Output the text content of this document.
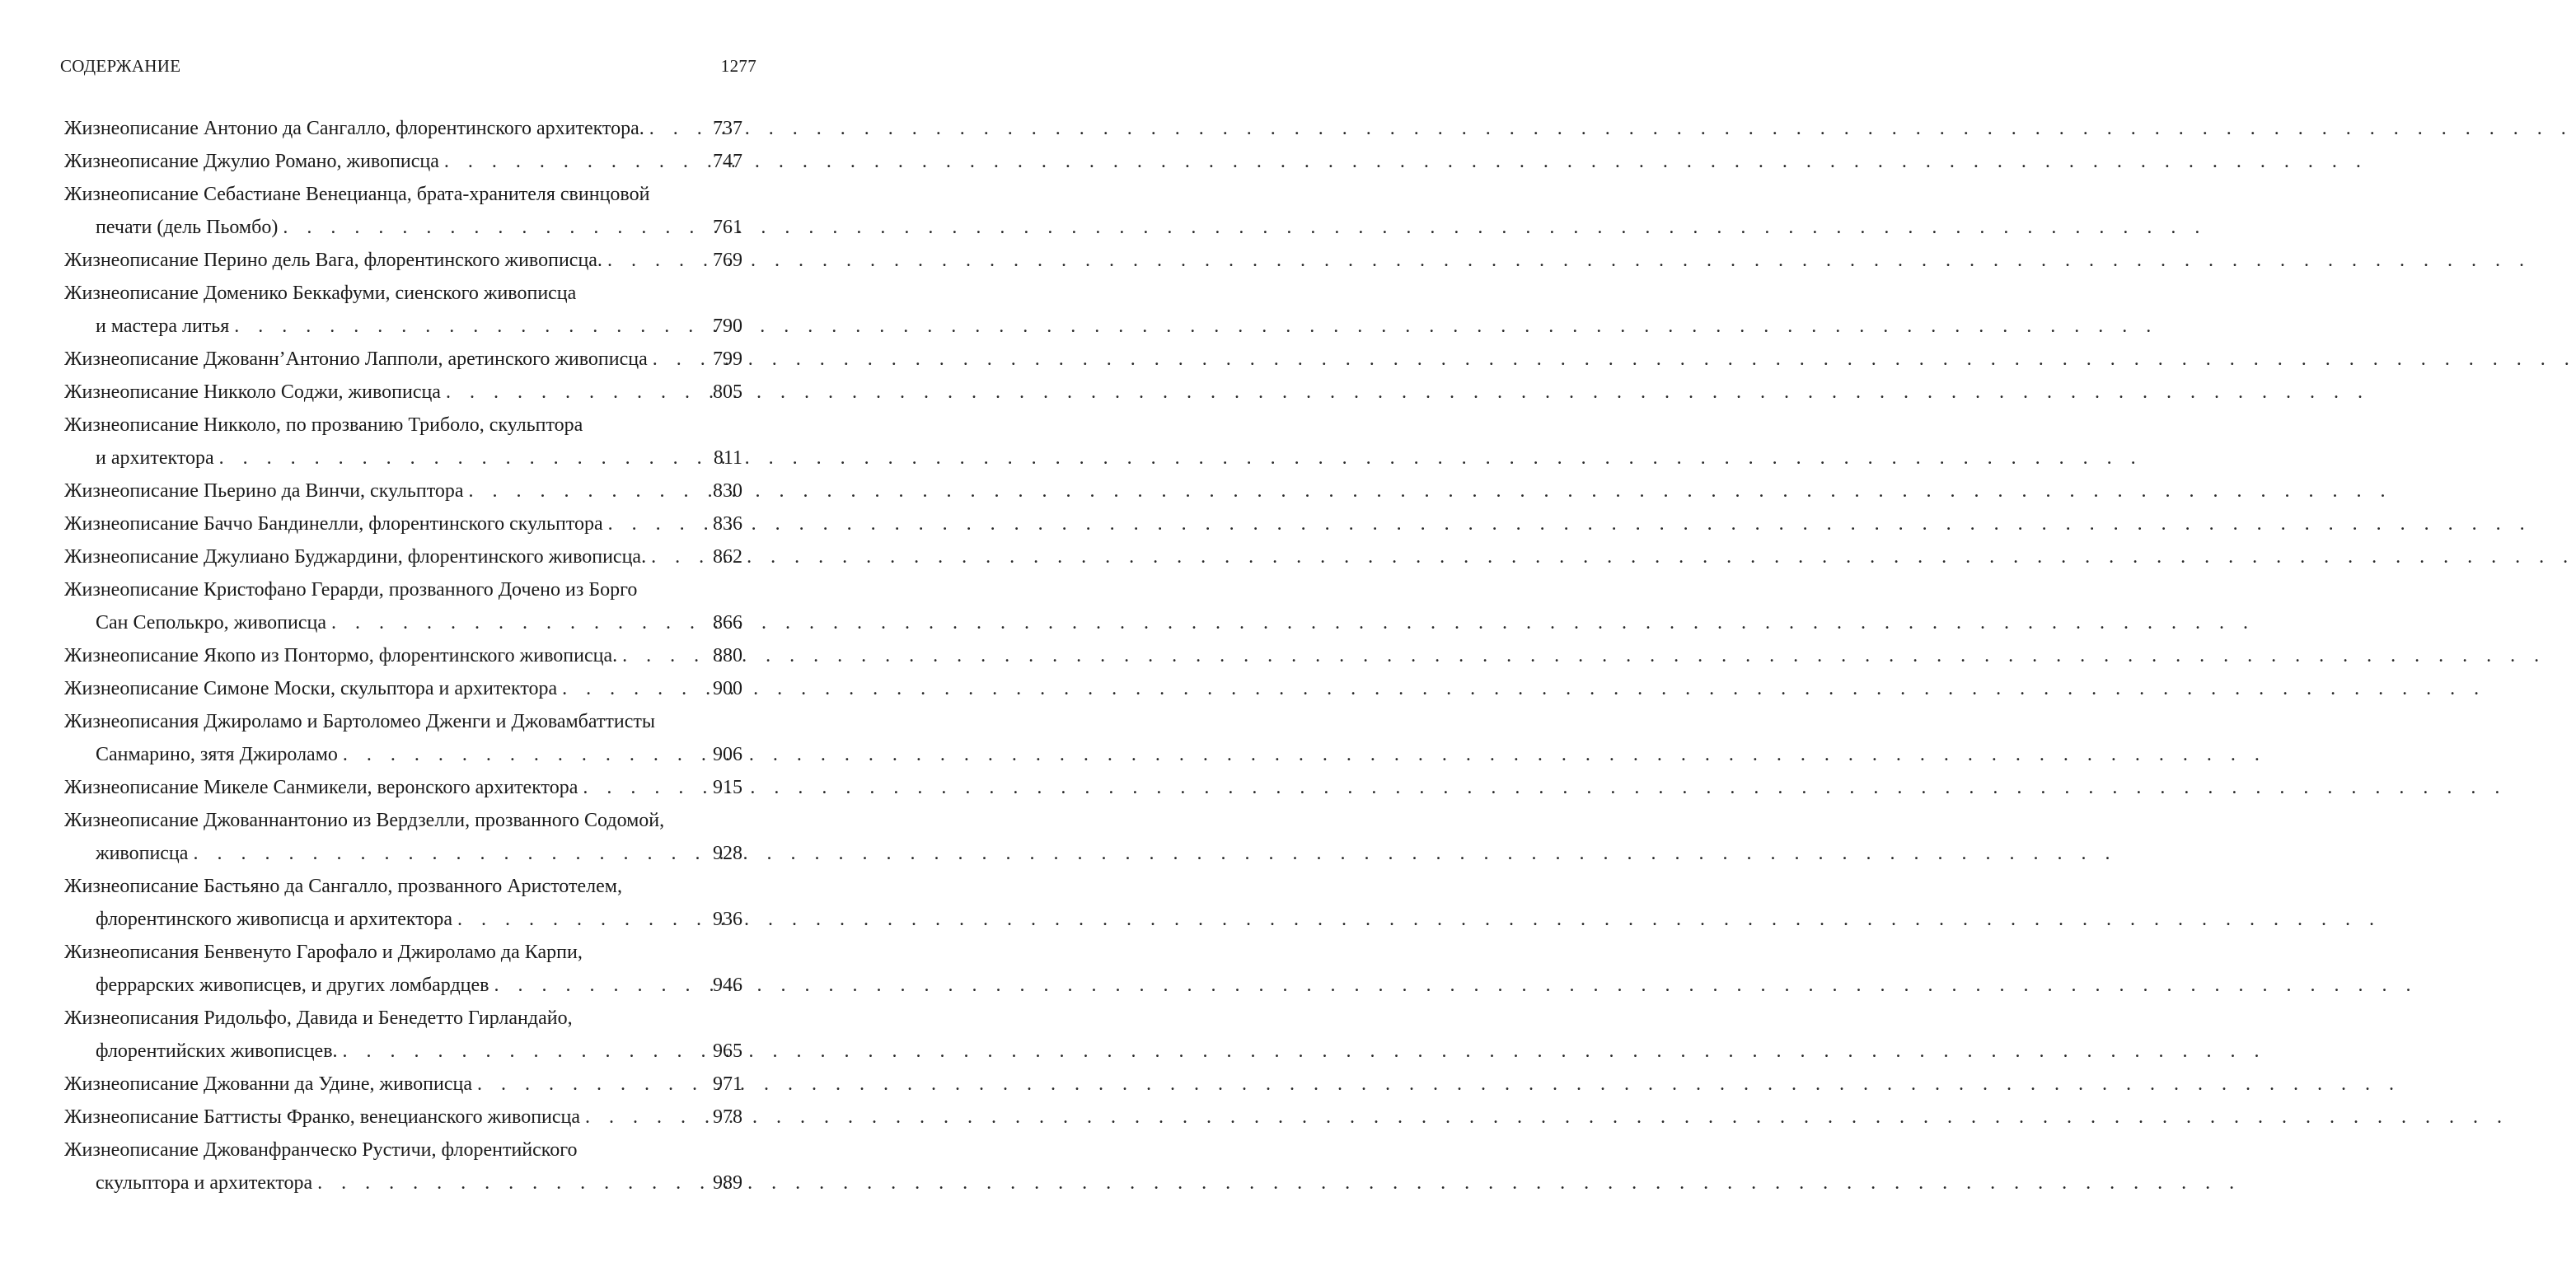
СОДЕРЖАНИЕ	1277
Жизнеописание Антонио да Сангалло, флорентинского архитектора. . . .	737
Жизнеописание Джулио Романо, живописца . . .	747
Жизнеописание Себастиане Венецианца, брата-хранителя свинцовой
печати (дель Пьомбо) . . .	761
Жизнеописание Перино дель Вага, флорентинского живописца. . . .	769
Жизнеописание Доменико Беккафуми, сиенского живописца
и мастера литья . . .	790
Жизнеописание Джованн’Антонио Лапполи, аретинского живописца . . .	799
Жизнеописание Никколо Сoджи, живописца . . .	805
Жизнеописание Никколо, по прозванию Триболо, скульптора
и архитектора . . .	811
Жизнеописание Пьерино да Винчи, скульптора . . .	830
Жизнеописание Баччо Бандинелли, флорентинского скульптора . . .	836
Жизнеописание Джулиано Буджардини, флорентинского живописца. . . .	862
Жизнеописание Кристофано Герарди, прозванного Дочено из Борго
Сан Сеполькро, живописца . . .	866
Жизнеописание Якопо из Понтормо, флорентинского живописца. . . .	880
Жизнеописание Симоне Моски, скульптора и архитектора . . .	900
Жизнеописания Джироламо и Бартоломео Дженги и Джовамбаттисты
Санмарино, зятя Джироламо . . .	906
Жизнеописание Микеле Санмикели, веронского архитектора . . .	915
Жизнеописание Джованнантонио из Вердзелли, прозванного Содомой,
живописца . . .	928
Жизнеописание Бастьяно да Сангалло, прозванного Аристотелем,
флорентинского живописца и архитектора . . .	936
Жизнеописания Бенвенуто Гарофало и Джироламо да Карпи,
феррарских живописцев, и других ломбардцев . . .	946
Жизнеописания Ридольфо, Давида и Бенедетто Гирландайо,
флорентийских живописцев. . . .	965
Жизнеописание Джованни да Удине, живописца . . .	971
Жизнеописание Баттисты Франко, венецианского живописца . . .	978
Жизнеописание Джованфранческо Рустичи, флорентийского
скульптора и архитектора . . .	989
